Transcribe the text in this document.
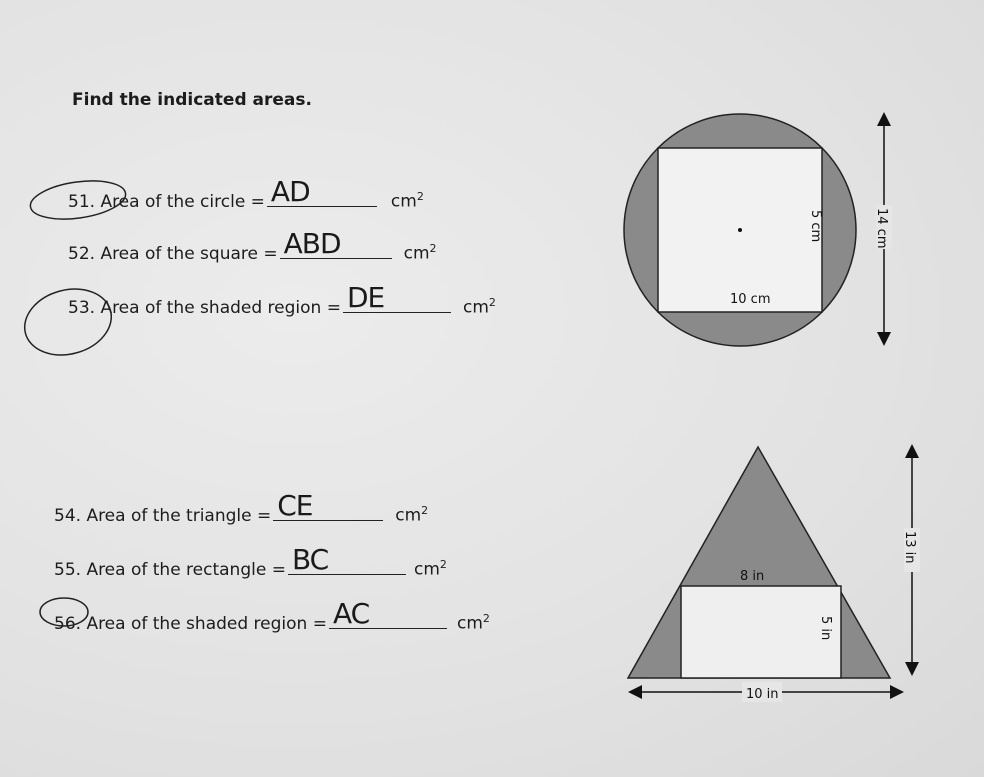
Find the indicated areas.
51. Area of the circle = AD	$cm^2$
52. Area of the square = ABD	$cm^2$
53. Area of the shaded region = DE	$cm^2$
54. Area of the triangle = CE	$cm^2$
55. Area of the rectangle = BC	$cm^2$
56. Area of the shaded region = AC	$cm^2$
10 cm
5 cm	14 cm
8 in
5 in
13 in
10 in
